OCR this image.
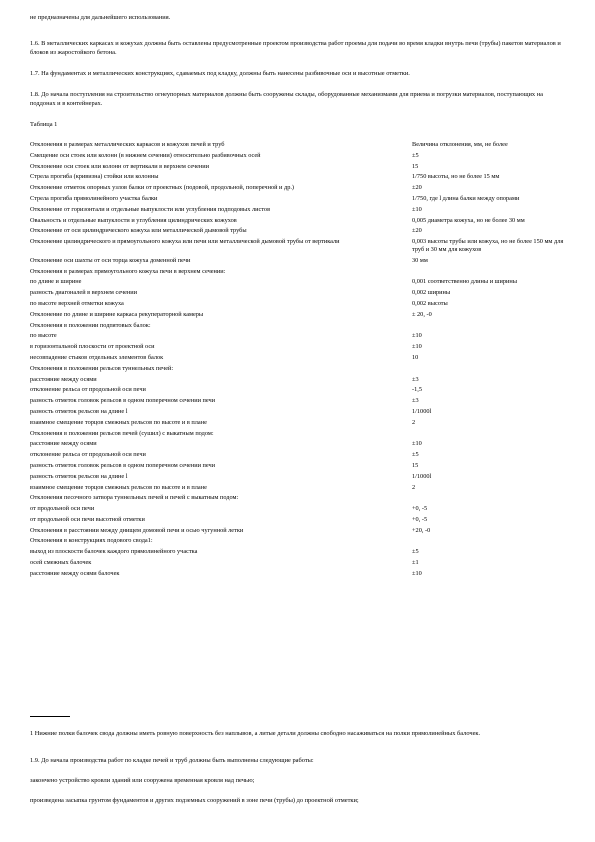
не предназначены для дальнейшего использования.

1.6. В металлических каркасах и кожухах должны быть оставлены предусмотренные проектом производства работ проемы для подачи во время кладки внутрь печи (трубы) пакетов материалов и блоков из жаростойкого бетона.

1.7. На фундаментах и металлических конструкциях, сдаваемых под кладку, должны быть нанесены разбивочные оси и высотные отметки.

1.8. До начала поступления на строительство огнеупорных материалов должны быть сооружены склады, оборудованные механизмами для приема и погрузки материалов, поступающих на поддонах и в контейнерах.

Таблица 1

Отклонения в размерах металлических каркасов и кожухов печей и труб	Величина отклонения, мм, не более
Смещение оси стоек или колонн (в нижнем сечении) относительно разбивочных осей	±5
Отклонение оси стоек или колонн от вертикали в верхнем сечении	15
Стрела прогиба (кривизна) стойки или колонны	1/750 высоты, но не более 15 мм
Отклонение отметок опорных узлов балки от проектных (подовой, продольной, поперечной и др.)	±20
Стрела прогиба прямолинейного участка балки	1/750, где l длина балки между опорами
Отклонение от горизонтали и отдельные выпуклости или углубления подподовых листов	±10
Овальность и отдельные выпуклости и углубления цилиндрических кожухов	0,005 диаметра кожуха, но не более 30 мм
Отклонение от оси цилиндрического кожуха или металлической дымовой трубы	±20
Отклонение цилиндрического и прямоугольного кожуха или печи или металлической дымовой трубы от вертикали	0,003 высоты трубы или кожуха, но не более 150 мм для труб и 30 мм для кожухов
Отклонение оси шахты от оси торца кожуха доменной печи	30 мм
Отклонения в размерах прямоугольного кожуха печи в верхнем сечении:	
по длине и ширине	0,001 соответственно длины и ширины
разность диагоналей в верхнем сечении	0,002 ширины
по высоте верхней отметки кожуха	0,002 высоты
Отклонение по длине и ширине каркаса рекуператорной камеры	± 20, -0
Отклонения в положении подпятовых балок:	
по высоте	±10
в горизонтальной плоскости от проектной оси	±10
несовпадение стыков отдельных элементов балок	10
Отклонения в положении рельсов туннельных печей:	
расстояние между осями	±3
отклонение рельса от продольной оси печи	-1,5
разность отметок головок рельсов в одном поперечном сечении печи	±3
разность отметок рельсов на длине l	1/1000l
взаимное смещение торцов смежных рельсов по высоте и в плане	2
Отклонения в положении рельсов печей (сушил) с выкатным подом:	
расстояние между осями	±10
отклонение рельса от продольной оси печи	±5
разность отметок головок рельсов в одном поперечном сечении печи	15
разность отметок рельсов на длине l	1/1000l
взаимное смещение торцов смежных рельсов по высоте и в плане	2
Отклонения песочного затвора туннельных печей и печей с выкатным подом:	
от продольной оси печи	+0, -5
от продольной оси печи высотной отметки	+0, -5
Отклонения в расстоянии между днищем домовой печи и осью чугунной летки	+20, -0
Отклонения в конструкциях подового свода1:	
выход из плоскости балочек каждого прямолинейного участка	±5
осей смежных балочек	±1
расстояние между осями балочек	±10

1 Нижние полки балочек свода должны иметь ровную поверхность без наплывов, а литые детали должны свободно насаживаться на полки прямолинейных балочек.

1.9. До начала производства работ по кладке печей и труб должны быть выполнены следующие работы:

закончено устройство кровли зданий или сооружена временная кровля над печью;

произведена засыпка грунтом фундаментов и других подземных сооружений в зоне печи (трубы) до проектной отметки;
